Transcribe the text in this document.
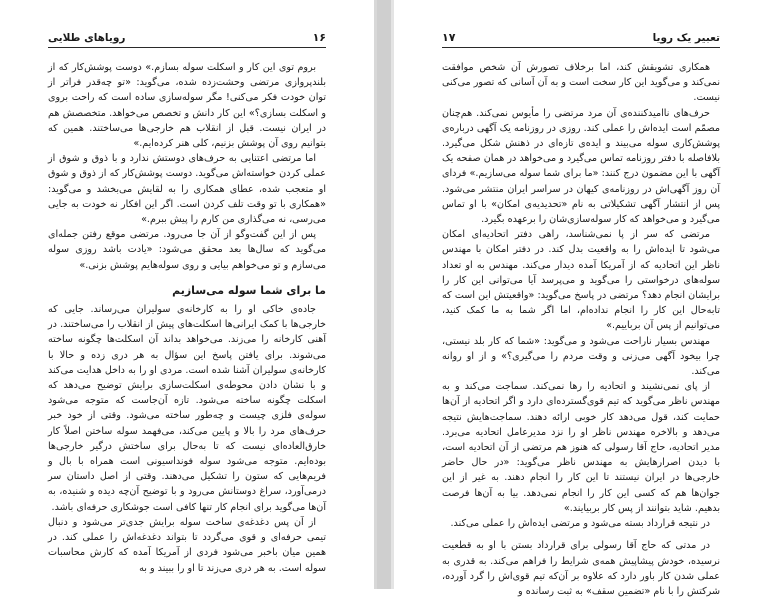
۱۶
رویاهای طلایی

بروم توی این کار و اسکلت سوله بسازم.» دوست پوشش‌کار که از بلندپروازی مرتضی وحشت‌زده شده، می‌گوید: «تو چه‌قدر فراتر از توان خودت فکر می‌کنی! مگر سوله‌سازی ساده است که راحت بروی و اسکلت بسازی؟» این کار دانش و تخصص می‌خواهد. متخصصش هم در ایران نیست. قبل از انقلاب هم خارجی‌ها می‌ساختند. همین که بتوانیم روی آن پوشش بزنیم، کلی هنر کرده‌ایم.»

اما مرتضی اعتنایی به حرف‌های دوستش ندارد و با ذوق و شوق از عملی کردن خواسته‌اش می‌گوید. دوست پوشش‌کار که از ذوق و شوق او متعجب شده، عطای همکاری را به لقایش می‌بخشد و می‌گوید: «همکاری با تو وقت تلف کردن است. اگر این افکار نه خودت به جایی می‌رسی، نه می‌گذاری من کارم را پیش ببرم.»

پس از این گفت‌وگو از آن جا می‌رود. مرتضی موقع رفتن جمله‌ای می‌گوید که سال‌ها بعد محقق می‌شود: «یادت باشد روزی سوله می‌سازم و تو می‌خواهم بیایی و روی سوله‌هایم پوشش بزنی.»

ما برای شما سوله می‌سازیم

جاده‌ی خاکی او را به کارخانه‌ی سولیران می‌رساند. جایی که خارجی‌ها با کمک ایرانی‌ها اسکلت‌های پیش از انقلاب را می‌ساختند. در آهنی کارخانه را می‌زند. می‌خواهد بداند آن اسکلت‌ها چگونه ساخته می‌شوند. برای یافتن پاسخ این سؤال به هر دری زده و حالا با کارخانه‌ی سولیران آشنا شده است. مردی او را به داخل هدایت می‌کند و با نشان دادن محوطه‌ی اسکلت‌سازی برایش توضیح می‌دهد که اسکلت چگونه ساخته می‌شود. تازه آن‌جاست که متوجه می‌شود سوله‌ی فلزی چیست و چه‌طور ساخته می‌شود. وقتی از خود خبر حرف‌های مرد را بالا و پایین می‌کند، می‌فهمد سوله ساختن اصلاً کار خارق‌العاده‌ای نیست که تا به‌حال برای ساختش درگیر خارجی‌ها بوده‌ایم. متوجه می‌شود سوله فونداسیونی است همراه با بال و فریم‌هایی که ستون را تشکیل می‌دهند. وقتی از اصل داستان سر درمی‌آورد، سراغ دوستانش می‌رود و با توضیح آن‌چه دیده و شنیده، به آن‌ها می‌گوید برای انجام کار تنها کافی است جوشکاری حرفه‌ای باشد.

از آن پس دغدغه‌ی ساخت سوله برایش جدی‌تر می‌شود و دنبال تیمی حرفه‌ای و قوی می‌گردد تا بتواند دغدغه‌اش را عملی کند. در همین میان باخبر می‌شود فردی از آمریکا آمده که کارش محاسبات سوله است. به هر دری می‌زند تا او را ببیند و به

تعبیر یک رویا
۱۷

همکاری تشویقش کند، اما برخلاف تصورش آن شخص موافقت نمی‌کند و می‌گوید این کار سخت است و به آن آسانی که تصور می‌کنی نیست.

حرف‌های ناامیدکننده‌ی آن مرد مرتضی را مأیوس نمی‌کند. هم‌چنان مصمّم است ایده‌اش را عملی کند. روزی در روزنامه یک آگهی درباره‌ی پوشش‌کاری سوله می‌بیند و ایده‌ی تازه‌ای در ذهنش شکل می‌گیرد. بلافاصله با دفتر روزنامه تماس می‌گیرد و می‌خواهد در همان صفحه یک آگهی با این مضمون درج کنند: «ما برای شما سوله می‌سازیم.» فردای آن روز آگهی‌اش در روزنامه‌ی کیهان در سراسر ایران منتشر می‌شود. پس از انتشار آگهی تشکیلاتی به نام «تحدیدیه‌ی امکان» با او تماس می‌گیرد و می‌خواهد که کار سوله‌سازی‌شان را برعهده بگیرد.

مرتضی که سر از پا نمی‌شناسد، راهی دفتر اتحادیه‌ای امکان می‌شود تا ایده‌اش را به واقعیت بدل کند. در دفتر امکان با مهندس ناظر این اتحادیه که از آمریکا آمده دیدار می‌کند. مهندس به او تعداد سوله‌های درخواستی را می‌گوید و می‌پرسد آیا می‌توانی این کار را برایشان انجام دهد؟ مرتضی در پاسخ می‌گوید: «واقعیتش این است که تابه‌حال این کار را انجام نداده‌ام، اما اگر شما به ما کمک کنید، می‌توانیم از پس آن برباییم.»

مهندس بسیار ناراحت می‌شود و می‌گوید: «شما که کار بلد نیستی، چرا بیخود آگهی می‌زنی و وقت مردم را می‌گیری؟» و از او روانه می‌کند.

از پای نمی‌نشیند و اتحادیه را رها نمی‌کند. سماجت می‌کند و به مهندس ناظر می‌گوید که تیم قوی‌گسترده‌ای دارد و اگر اتحادیه از آن‌ها حمایت کند، قول می‌دهد کار خوبی ارائه دهند. سماجت‌هایش نتیجه می‌دهد و بالاخره مهندس ناظر او را نزد مدیرعامل اتحادیه می‌برد. مدیر اتحادیه، حاج آقا رسولی که هنوز هم مرتضی از آن اتحادیه است، با دیدن اصرارهایش به مهندس ناظر می‌گوید: «در حال حاضر خارجی‌ها در ایران نیستند تا این کار را انجام دهند. به غیر از این جوان‌ها هم که کسی این کار را انجام نمی‌دهد. بیا به آن‌ها فرصت بدهیم. شاید بتوانند از پس کار بربیایند.»

در نتیجه قرارداد بسته می‌شود و مرتضی ایده‌اش را عملی می‌کند.

در مدتی که حاج آقا رسولی برای قرارداد بستن با او به قطعیت نرسیده، خودش پیشاپیش همه‌ی شرایط را فراهم می‌کند. به قدری به عملی شدن کار باور دارد که علاوه بر آن‌که تیم قوی‌اش را گرد آورده، شرکتش را با نام «تضمین سقف» به ثبت رسانده و
